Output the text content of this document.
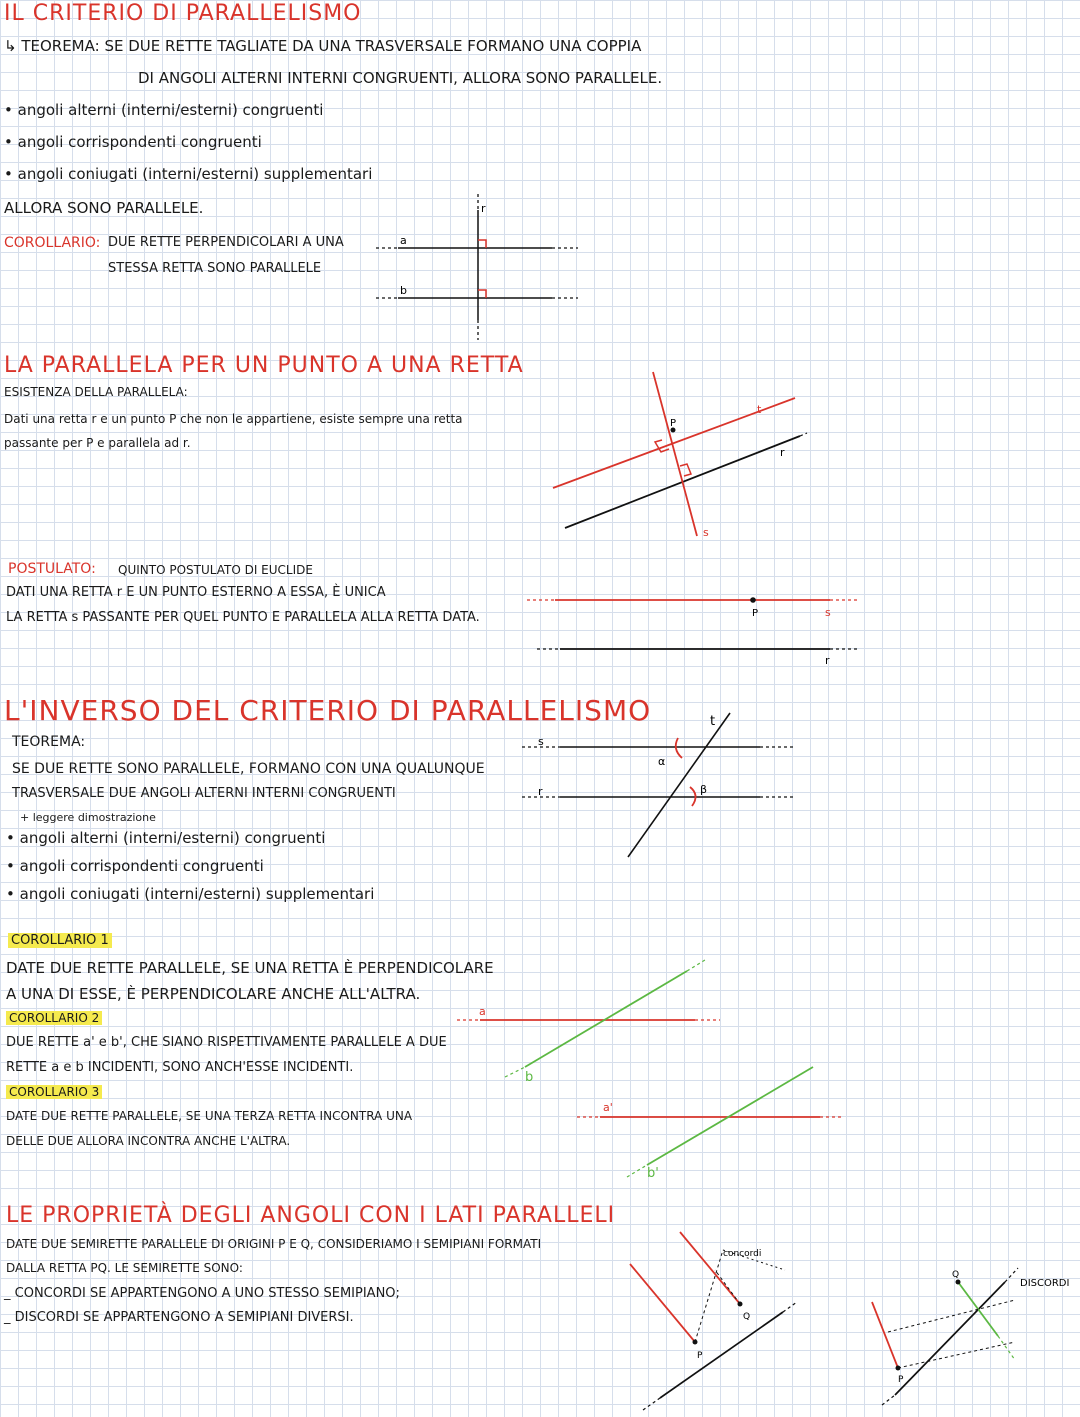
IL CRITERIO DI PARALLELISMO

↳ TEOREMA: SE DUE RETTE TAGLIATE DA UNA TRASVERSALE FORMANO UNA COPPIA

DI ANGOLI ALTERNI INTERNI CONGRUENTI, ALLORA SONO PARALLELE.

• angoli alterni (interni/esterni) congruenti

• angoli corrispondenti congruenti

• angoli coniugati (interni/esterni) supplementari

ALLORA SONO PARALLELE.

COROLLARIO: DUE RETTE PERPENDICOLARI A UNA

STESSA RETTA SONO PARALLELE

a
b
r

LA PARALLELA PER UN PUNTO A UNA RETTA

ESISTENZA DELLA PARALLELA:

Dati una retta r e un punto P che non le appartiene, esiste sempre una retta

passante per P e parallela ad r.

P
t
r
s

POSTULATO: QUINTO POSTULATO DI EUCLIDE

DATI UNA RETTA r E UN PUNTO ESTERNO A ESSA, È UNICA

LA RETTA s PASSANTE PER QUEL PUNTO E PARALLELA ALLA RETTA DATA.	P	s
r

L'INVERSO DEL CRITERIO DI PARALLELISMO

TEOREMA:

SE DUE RETTE SONO PARALLELE, FORMANO CON UNA QUALUNQUE

TRASVERSALE DUE ANGOLI ALTERNI INTERNI CONGRUENTI

+ leggere dimostrazione

• angoli alterni (interni/esterni) congruenti

• angoli corrispondenti congruenti

• angoli coniugati (interni/esterni) supplementari

s
r
t
α
β

COROLLARIO 1

DATE DUE RETTE PARALLELE, SE UNA RETTA È PERPENDICOLARE

A UNA DI ESSE, È PERPENDICOLARE ANCHE ALL'ALTRA.

COROLLARIO 2

DUE RETTE a' e b', CHE SIANO RISPETTIVAMENTE PARALLELE A DUE

RETTE a e b INCIDENTI, SONO ANCH'ESSE INCIDENTI.

COROLLARIO 3

DATE DUE RETTE PARALLELE, SE UNA TERZA RETTA INCONTRA UNA

DELLE DUE ALLORA INCONTRA ANCHE L'ALTRA.

a
b
a'
b'

LE PROPRIETÀ DEGLI ANGOLI CON I LATI PARALLELI

DATE DUE SEMIRETTE PARALLELE DI ORIGINI P E Q, CONSIDERIAMO I SEMIPIANI FORMATI

DALLA RETTA PQ. LE SEMIRETTE SONO:

_ CONCORDI SE APPARTENGONO A UNO STESSO SEMIPIANO;

_ DISCORDI SE APPARTENGONO A SEMIPIANI DIVERSI.

concordi
P
Q
DISCORDI
P
Q
